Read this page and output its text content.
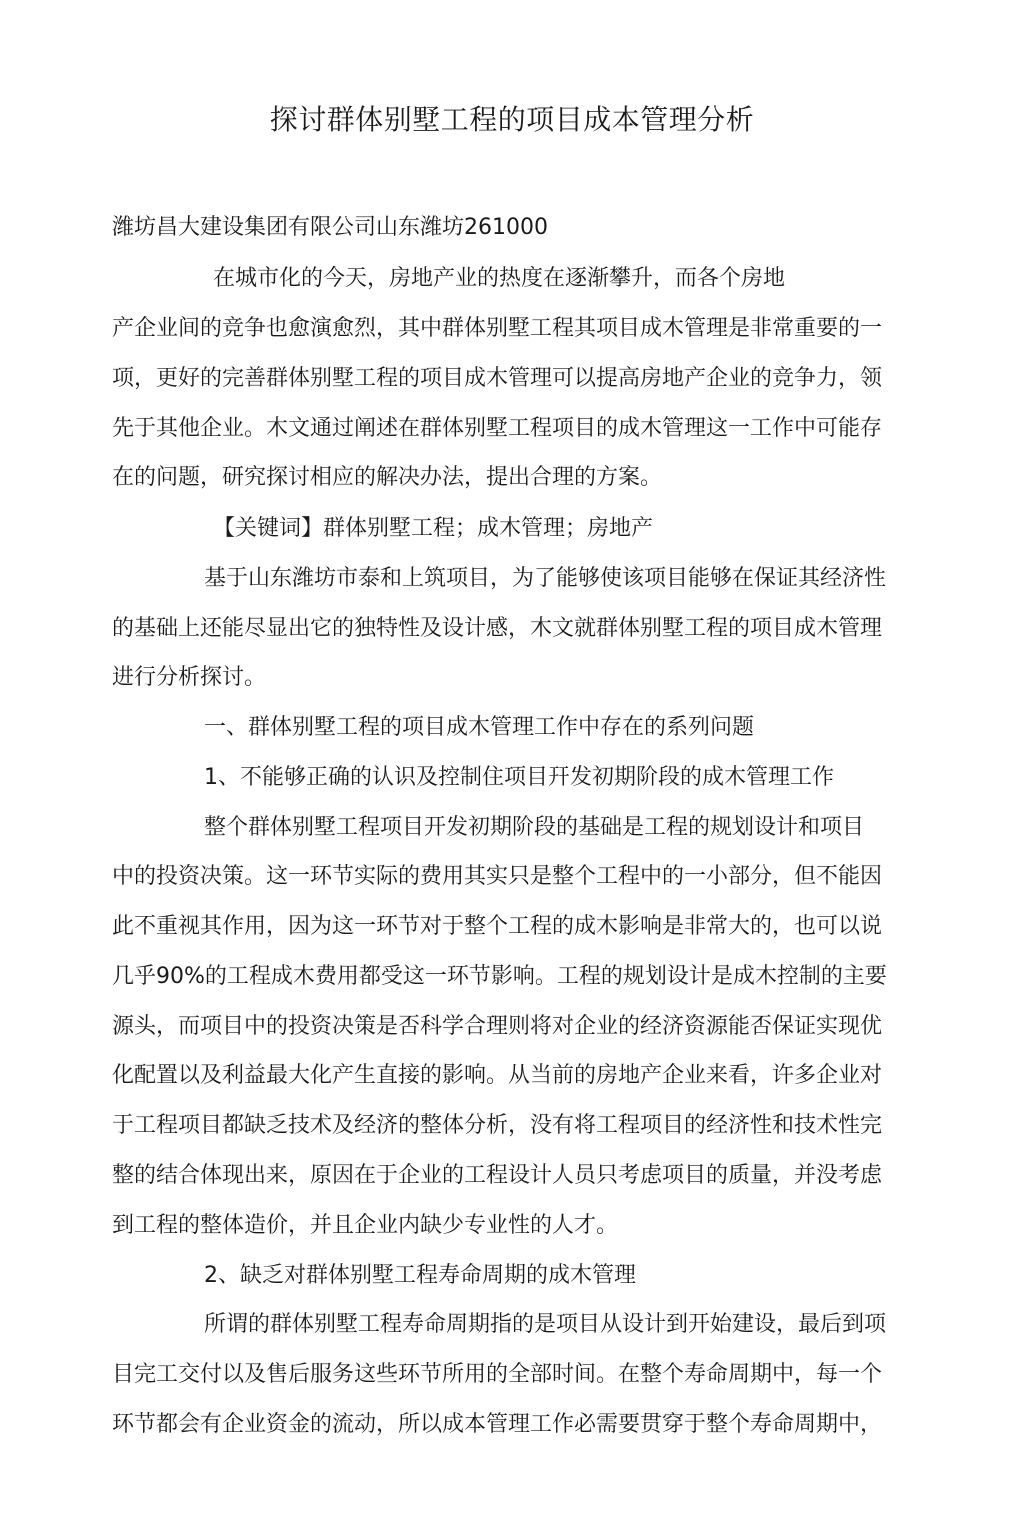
探讨群体别墅工程的项目成本管理分析
潍坊昌大建设集团有限公司山东潍坊261000
在城市化的今天，房地产业的热度在逐渐攀升，而各个房地
产企业间的竞争也愈演愈烈，其中群体别墅工程其项目成木管理是非常重要的一
项，更好的完善群体别墅工程的项目成木管理可以提高房地产企业的竞争力，领
先于其他企业。木文通过阐述在群体别墅工程项目的成木管理这一工作中可能存
在的问题，研究探讨相应的解决办法，提出合理的方案。
【关键词】群体别墅工程；成木管理；房地产
基于山东潍坊市泰和上筑项目，为了能够使该项目能够在保证其经济性
的基础上还能尽显出它的独特性及设计感，木文就群体别墅工程的项目成木管理
进行分析探讨。
一、群体别墅工程的项目成木管理工作中存在的系列问题
1、不能够正确的认识及控制住项目幵发初期阶段的成木管理工作
整个群体别墅工程项目开发初期阶段的基础是工程的规划设计和项目
中的投资决策。这一环节实际的费用其实只是整个工程中的一小部分，但不能因
此不重视其作用，因为这一环节对于整个工程的成木影响是非常大的，也可以说
几乎90%的工程成木费用都受这一环节影响。工程的规划设计是成木控制的主要
源头，而项目中的投资决策是否科学合理则将对企业的经济资源能否保证实现优
化配置以及利益最大化产生直接的影响。从当前的房地产企业来看，许多企业对
于工程项目都缺乏技术及经济的整体分析，没有将工程项目的经济性和技术性完
整的结合体现出来，原因在于企业的工程设计人员只考虑项目的质量，并没考虑
到工程的整体造价，并且企业内缺少专业性的人才。
2、缺乏对群体别墅工程寿命周期的成木管理
所谓的群体别墅工程寿命周期指的是项目从设计到开始建设，最后到项
目完工交付以及售后服务这些环节所用的全部时间。在整个寿命周期中，每一个
环节都会有企业资金的流动，所以成本管理工作必需要贯穿于整个寿命周期中，
